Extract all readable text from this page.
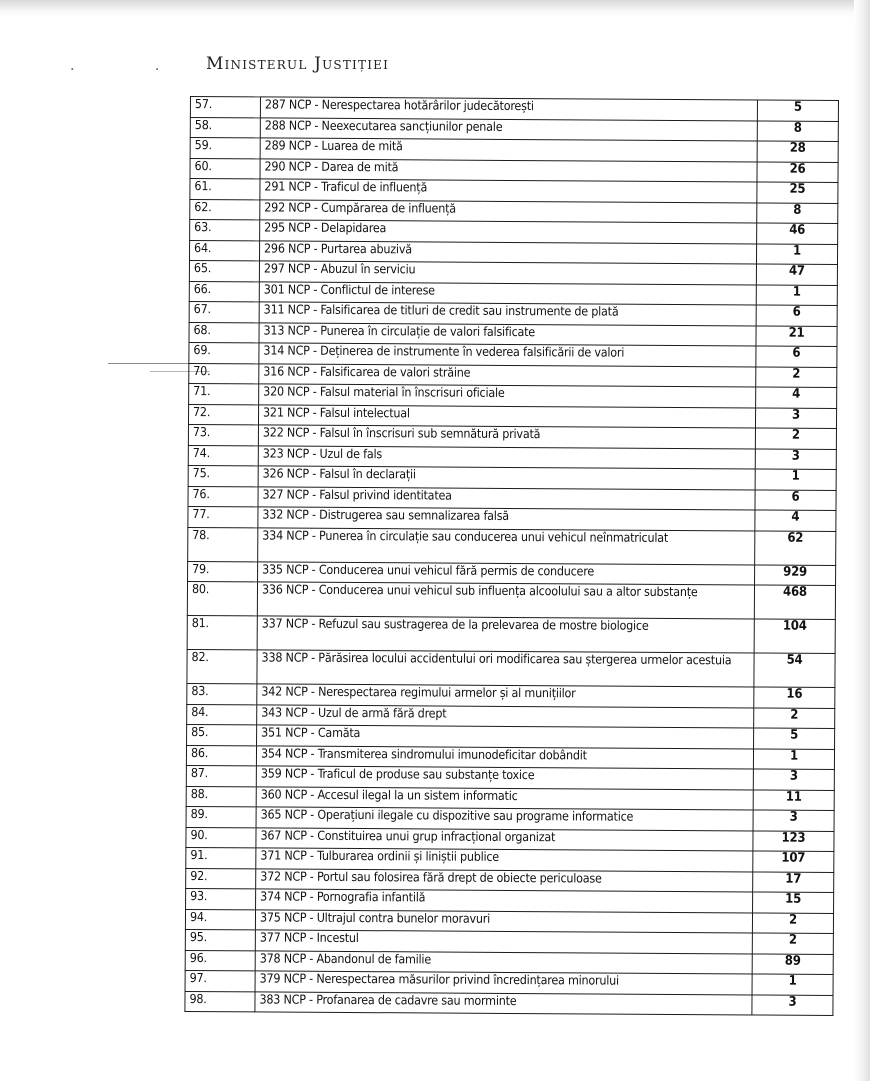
. . Ministerul Justiției
57.	287 NCP - Nerespectarea hotărârilor judecătorești	5
58.	288 NCP - Neexecutarea sancțiunilor penale	8
59.	289 NCP - Luarea de mită	28
60.	290 NCP - Darea de mită	26
61.	291 NCP - Traficul de influență	25
62.	292 NCP - Cumpărarea de influență	8
63.	295 NCP - Delapidarea	46
64.	296 NCP - Purtarea abuzivă	1
65.	297 NCP - Abuzul în serviciu	47
66.	301 NCP - Conflictul de interese	1
67.	311 NCP - Falsificarea de titluri de credit sau instrumente de plată	6
68.	313 NCP - Punerea în circulație de valori falsificate	21
69.	314 NCP - Deținerea de instrumente în vederea falsificării de valori	6
70.	316 NCP - Falsificarea de valori străine	2
71.	320 NCP - Falsul material în înscrisuri oficiale	4
72.	321 NCP - Falsul intelectual	3
73.	322 NCP - Falsul în înscrisuri sub semnătură privată	2
74.	323 NCP - Uzul de fals	3
75.	326 NCP - Falsul în declarații	1
76.	327 NCP - Falsul privind identitatea	6
77.	332 NCP - Distrugerea sau semnalizarea falsă	4
78.	334 NCP - Punerea în circulație sau conducerea unui vehicul neînmatriculat	62
79.	335 NCP - Conducerea unui vehicul fără permis de conducere	929
80.	336 NCP - Conducerea unui vehicul sub influența alcoolului sau a altor substanțe	468
81.	337 NCP - Refuzul sau sustragerea de la prelevarea de mostre biologice	104
82.	338 NCP - Părăsirea locului accidentului ori modificarea sau ștergerea urmelor acestuia	54
83.	342 NCP - Nerespectarea regimului armelor și al munițiilor	16
84.	343 NCP - Uzul de armă fără drept	2
85.	351 NCP - Camăta	5
86.	354 NCP - Transmiterea sindromului imunodeficitar dobândit	1
87.	359 NCP - Traficul de produse sau substanțe toxice	3
88.	360 NCP - Accesul ilegal la un sistem informatic	11
89.	365 NCP - Operațiuni ilegale cu dispozitive sau programe informatice	3
90.	367 NCP - Constituirea unui grup infracțional organizat	123
91.	371 NCP - Tulburarea ordinii și liniștii publice	107
92.	372 NCP - Portul sau folosirea fără drept de obiecte periculoase	17
93.	374 NCP - Pornografia infantilă	15
94.	375 NCP - Ultrajul contra bunelor moravuri	2
95.	377 NCP - Incestul	2
96.	378 NCP - Abandonul de familie	89
97.	379 NCP - Nerespectarea măsurilor privind încredințarea minorului	1
98.	383 NCP - Profanarea de cadavre sau morminte	3
